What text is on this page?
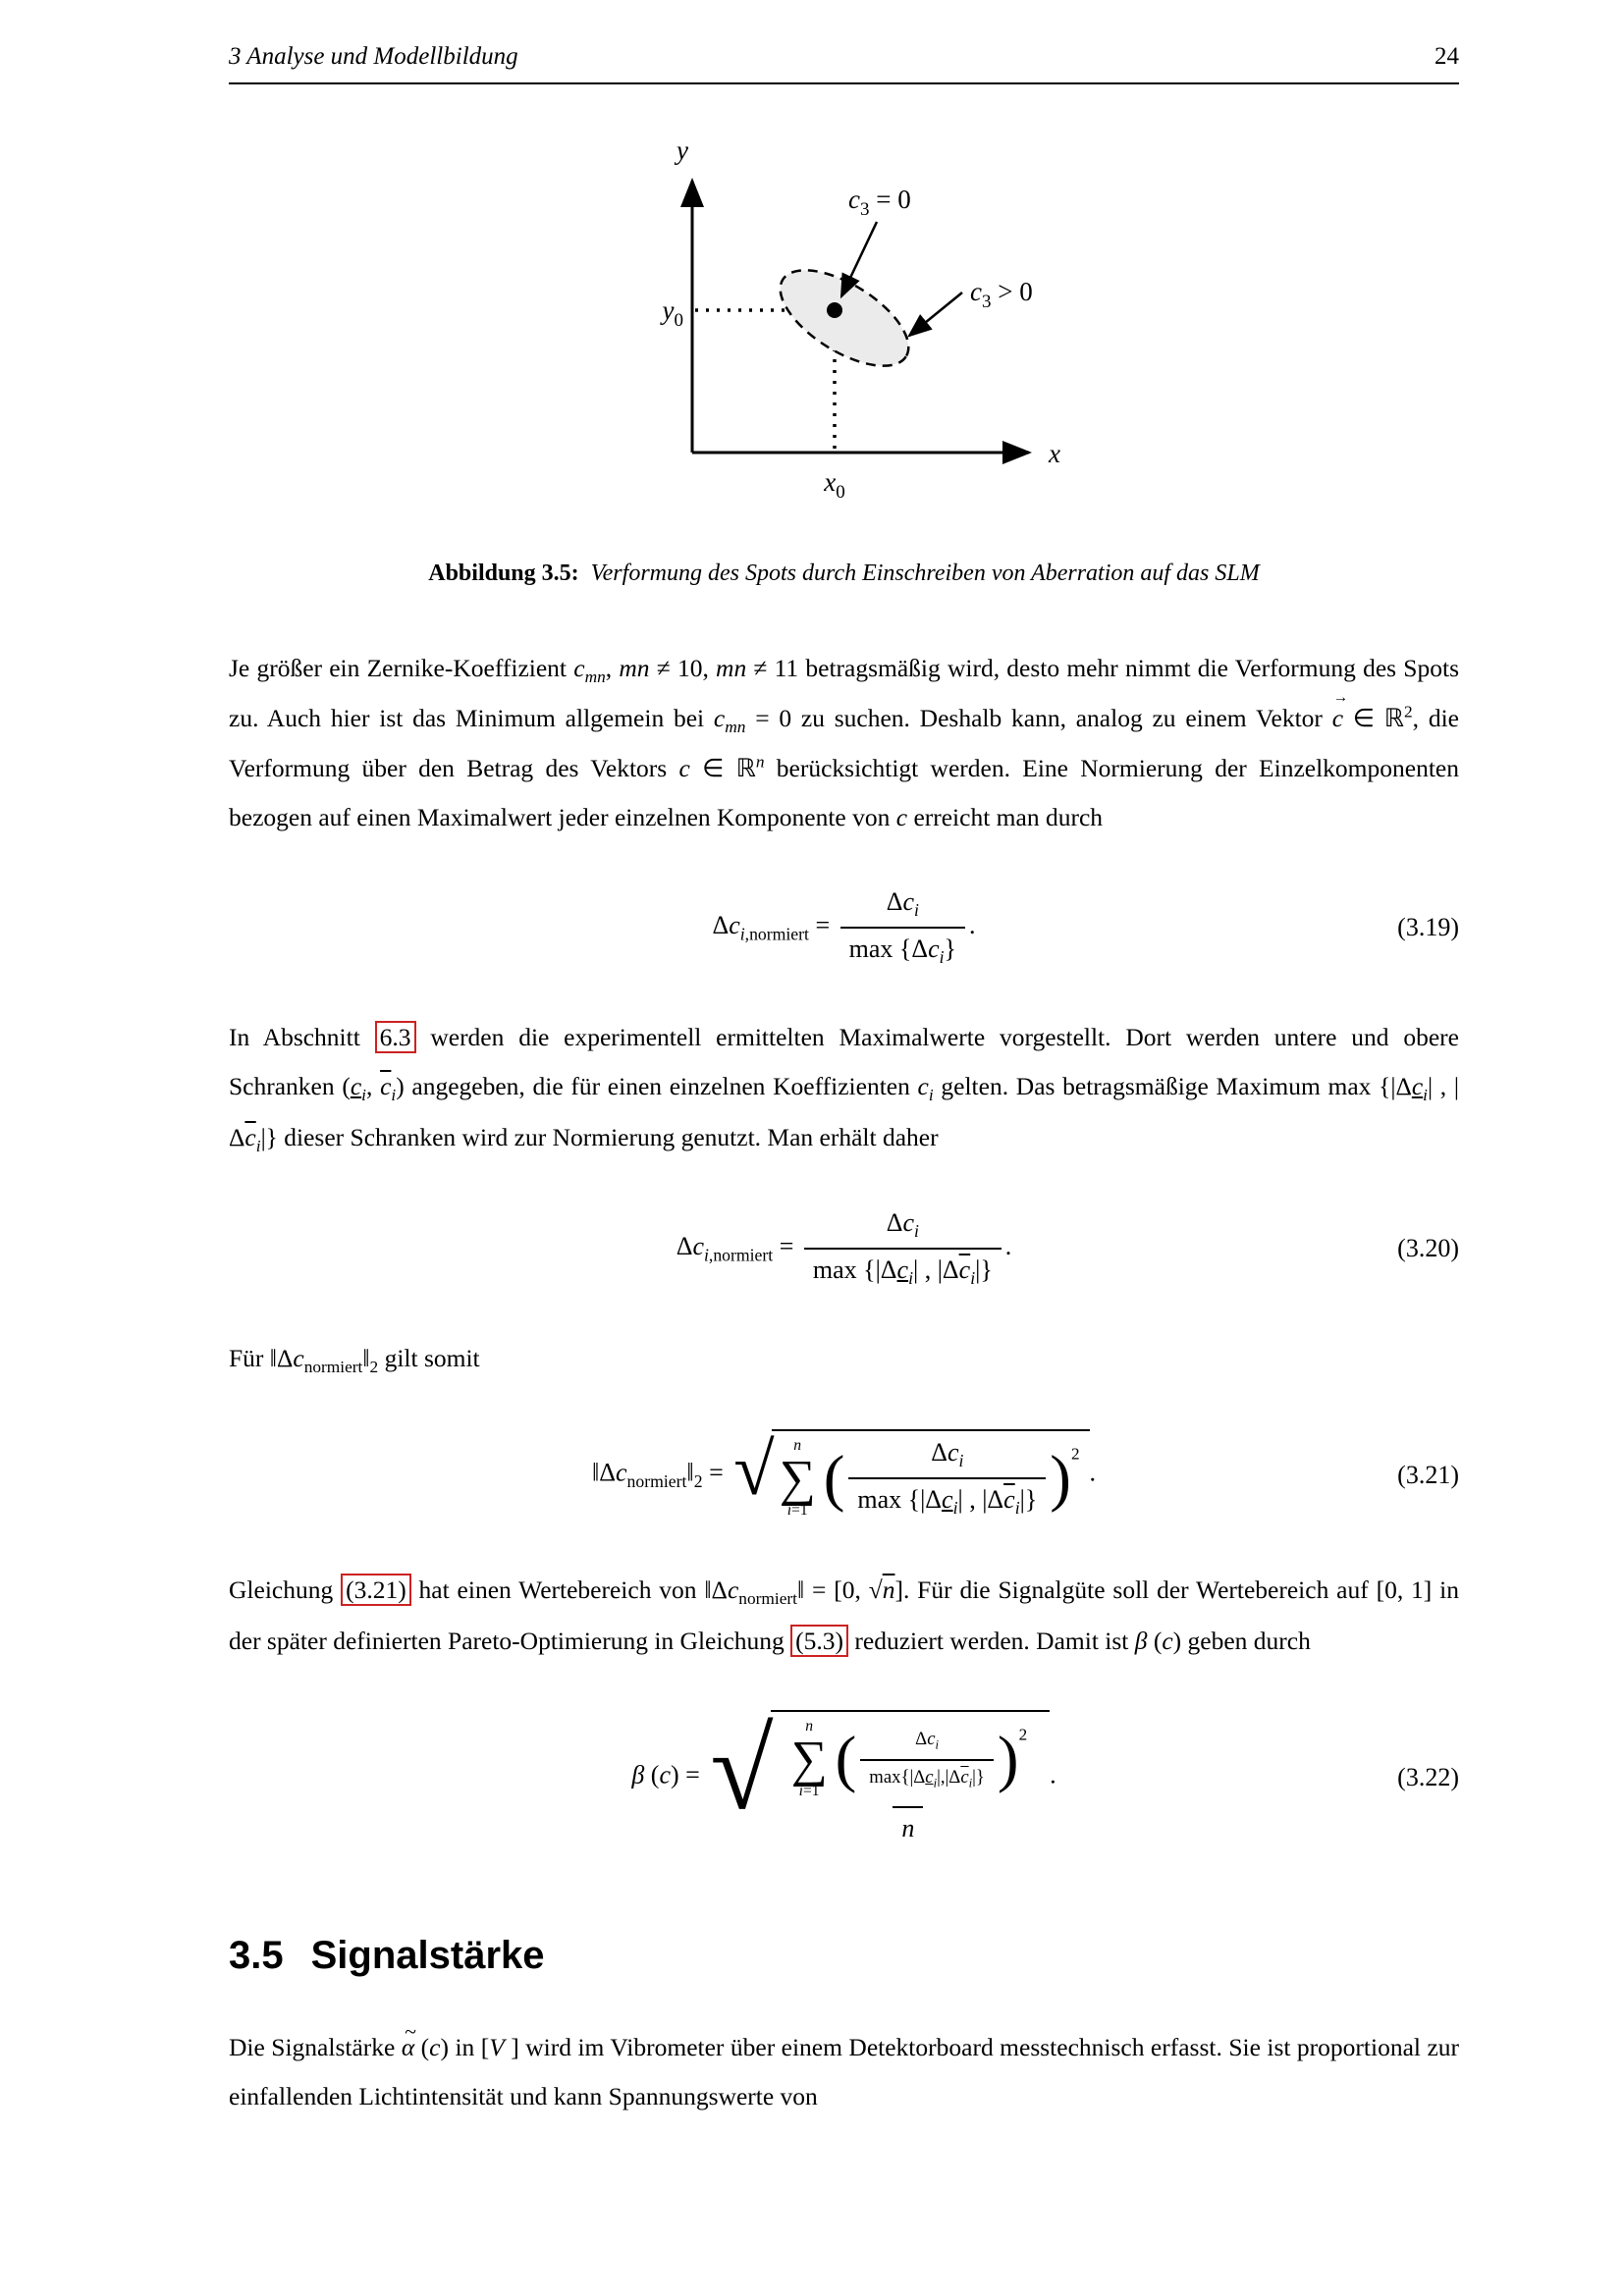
3 Analyse und Modellbildung	24
y
x
$y_0$
$x_0$
$c_3 = 0$
$c_3 > 0$
Abbildung 3.5: Verformung des Spots durch Einschreiben von Aberration auf das SLM

Je größer ein Zernike-Koeffizient $c_{mn}$, mn ≠ 10, mn ≠ 11 betragsmäßig wird, desto mehr nimmt die Verformung des Spots zu. Auch hier ist das Minimum allgemein bei $c_{mn} = 0$ zu suchen. Deshalb kann, analog zu einem Vektor c → ∈ ℝ$^2$, die Verformung über den Betrag des Vektors c ∈ ℝ$^n$ berücksichtigt werden. Eine Normierung der Einzelkomponenten bezogen auf einen Maximalwert jeder einzelnen Komponente von c erreicht man durch

$\Delta c_{i,normiert} = \frac{\Delta c_i}{\max \{\Delta c_i\}}$ .	(3.19)

In Abschnitt 6.3 werden die experimentell ermittelten Maximalwerte vorgestellt. Dort werden untere und obere Schranken ($c_i$, $\overline{c}_i$) angegeben, die für einen einzelnen Koeffizienten $c_i$ gelten. Das betragsmäßige Maximum $\max \{|\Delta c_i|$ , $|\Delta\overline{c}_i|$} dieser Schranken wird zur Normierung genutzt. Man erhält daher

$\Delta c_{i,normiert} = \frac{\Delta c_i}{\max \{|\Delta c_i| , |\Delta\overline{c}_i|\}}$ .	(3.20)

Für $‖\Delta c_{normiert}‖_2$ gilt somit

$‖\Delta c_{normiert}‖_2$ = √ n
∑
i=1 ( $\frac{\Delta c_i}{\max \{|\Delta c_i| , |\Delta\overline{c}_i|\}} )^2$
.	(3.21)

Gleichung (3.21) hat einen Wertebereich von $‖\Delta c_{normiert}‖ = [0$, √n]. Für die Signalgüte soll der Wertebereich auf [0, 1] in der später definierten Pareto-Optimierung in Gleichung (5.3) reduziert werden. Damit ist β (c) geben durch

β (c) = √ n
∑
i=1 ( $\frac{\Delta c_i}{\max\{|\Delta c_i|,|\Delta\overline{c}_i|\}} )^2$
n .	(3.22)
3.5 Signalstärke

Die Signalstärke α ~ (c) in [V ] wird im Vibrometer über einem Detektorboard messtechnisch erfasst. Sie ist proportional zur einfallenden Lichtintensität und kann Spannungswerte von
